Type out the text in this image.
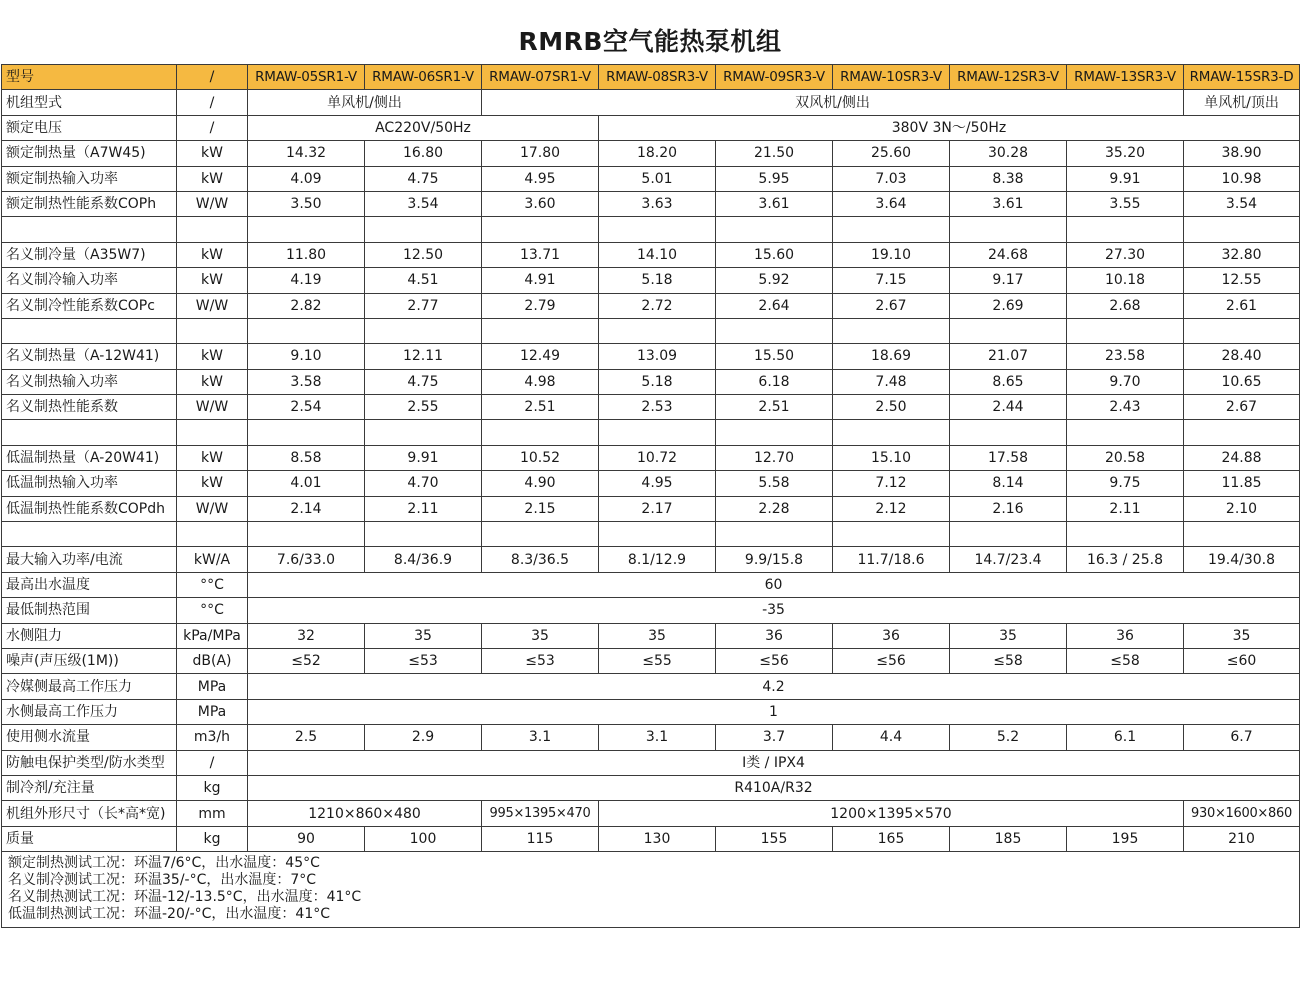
RMRB空气能热泵机组
型号	/	RMAW-05SR1-V	RMAW-06SR1-V	RMAW-07SR1-V	RMAW-08SR3-V	RMAW-09SR3-V	RMAW-10SR3-V	RMAW-12SR3-V	RMAW-13SR3-V	RMAW-15SR3-D
机组型式	/	单风机/侧出		双风机/侧出						单风机/顶出
额定电压	/	AC220V/50Hz			380V 3N～/50Hz					
额定制热量（A7W45)	kW	14.32	16.80	17.80	18.20	21.50	25.60	30.28	35.20	38.90
额定制热输入功率	kW	4.09	4.75	4.95	5.01	5.95	7.03	8.38	9.91	10.98
额定制热性能系数COPh	W/W	3.50	3.54	3.60	3.63	3.61	3.64	3.61	3.55	3.54

名义制冷量（A35W7)	kW	11.80	12.50	13.71	14.10	15.60	19.10	24.68	27.30	32.80
名义制冷输入功率	kW	4.19	4.51	4.91	5.18	5.92	7.15	9.17	10.18	12.55
名义制冷性能系数COPc	W/W	2.82	2.77	2.79	2.72	2.64	2.67	2.69	2.68	2.61

名义制热量（A-12W41)	kW	9.10	12.11	12.49	13.09	15.50	18.69	21.07	23.58	28.40
名义制热输入功率	kW	3.58	4.75	4.98	5.18	6.18	7.48	8.65	9.70	10.65
名义制热性能系数	W/W	2.54	2.55	2.51	2.53	2.51	2.50	2.44	2.43	2.67

低温制热量（A-20W41)	kW	8.58	9.91	10.52	10.72	12.70	15.10	17.58	20.58	24.88
低温制热输入功率	kW	4.01	4.70	4.90	4.95	5.58	7.12	8.14	9.75	11.85
低温制热性能系数COPdh	W/W	2.14	2.11	2.15	2.17	2.28	2.12	2.16	2.11	2.10

最大输入功率/电流	kW/A	7.6/33.0	8.4/36.9	8.3/36.5	8.1/12.9	9.9/15.8	11.7/18.6	14.7/23.4	16.3 / 25.8	19.4/30.8
最高出水温度	°°C	60								
最低制热范围	°°C	-35								
水侧阻力	kPa/MPa	32	35	35	35	36	36	35	36	35
噪声(声压级(1M))	dB(A)	≤52	≤53	≤53	≤55	≤56	≤56	≤58	≤58	≤60
冷媒侧最高工作压力	MPa	4.2								
水侧最高工作压力	MPa	1								
使用侧水流量	m3/h	2.5	2.9	3.1	3.1	3.7	4.4	5.2	6.1	6.7
防触电保护类型/防水类型	/	I类 / IPX4								
制冷剂/充注量	kg	R410A/R32								
机组外形尺寸（长*高*宽)	mm	1210×860×480		995×1395×470	1200×1395×570					930×1600×860
质量	kg	90	100	115	130	155	165	185	195	210

额定制热测试工况：环温7/6°C，出水温度：45°C
名义制冷测试工况：环温35/-°C，出水温度：7°C
名义制热测试工况：环温-12/-13.5°C，出水温度：41°C
低温制热测试工况：环温-20/-°C，出水温度：41°C										
